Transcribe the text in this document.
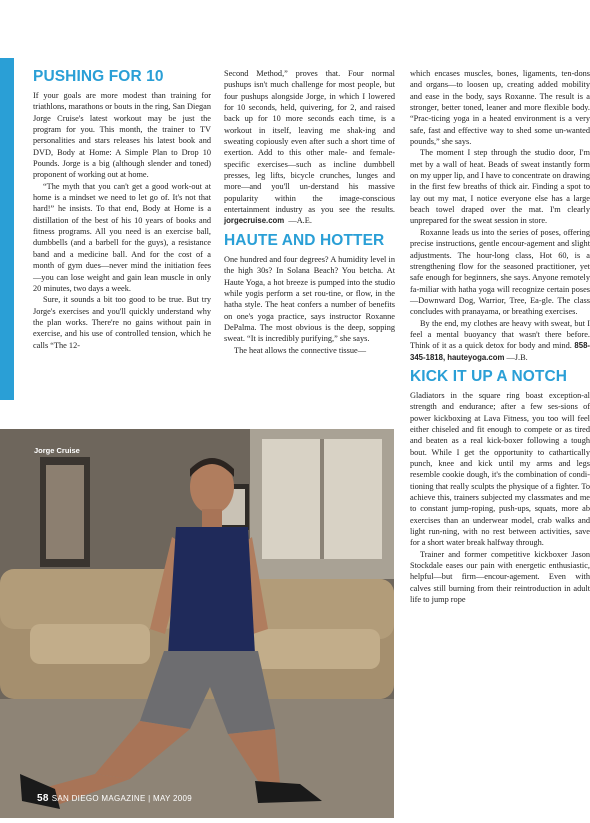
PUSHING FOR 10

If your goals are more modest than training for triathlons, marathons or bouts in the ring, San Diegan Jorge Cruise's latest workout may be just the program for you. This month, the trainer to TV personalities and stars releases his latest book and DVD, Body at Home: A Simple Plan to Drop 10 Pounds. Jorge is a big (although slender and toned) proponent of working out at home.

“The myth that you can't get a good work-out at home is a mindset we need to let go of. It's not that hard!” he insists. To that end, Body at Home is a distillation of the best of his 10 years of books and fitness programs. All you need is an exercise ball, dumbbells (and a barbell for the guys), a resistance band and a medicine ball. And for the cost of a month of gym dues—never mind the initiation fees—you can lose weight and gain lean muscle in only 20 minutes, two days a week.

Sure, it sounds a bit too good to be true. But try Jorge's exercises and you'll quickly understand why the plan works. There're no gains without pain in exercise, and his use of controlled tension, which he calls “The 12-

Second Method,” proves that. Four normal pushups isn't much challenge for most people, but four pushups alongside Jorge, in which I lowered for 10 seconds, held, quivering, for 2, and raised back up for 10 more seconds each time, is a workout in itself, leaving me shak-ing and sweating copiously even after such a short time of exertion. Add to this other male- and female-specific exercises—such as incline dumbbell presses, leg lifts, bicycle crunches, lunges and more—and you'll un-derstand his massive popularity within the image-conscious entertainment industry as you see the results. jorgecruise.com —A.E.

HAUTE AND HOTTER

One hundred and four degrees? A humidity level in the high 30s? In Solana Beach? You betcha. At Haute Yoga, a hot breeze is pumped into the studio while yogis perform a set rou-tine, or flow, in the hatha style. The heat confers a number of benefits on one's yoga practice, says instructor Roxanne DePalma. The most obvious is the deep, sopping sweat. “It is incredibly purifying,” she says.

The heat allows the connective tissue—

which encases muscles, bones, ligaments, ten-dons and organs—to loosen up, creating added mobility and ease in the body, says Roxanne. The result is a stronger, better toned, leaner and more flexible body. “Prac-ticing yoga in a heated environment is a very safe, fast and effective way to shed some un-wanted pounds,” she says.

The moment I step through the studio door, I'm met by a wall of heat. Beads of sweat instantly form on my upper lip, and I have to concentrate on drawing in the first few breaths of thick air. Finding a spot to lay out my mat, I notice everyone else has a large beach towel draped over the mat. I'm clearly unprepared for the sweat session in store.

Roxanne leads us into the series of poses, offering precise instructions, gentle encour-agement and slight adjustments. The hour-long class, Hot 60, is a strengthening flow for the seasoned practitioner, yet safe enough for beginners, she says. Anyone remotely fa-miliar with hatha yoga will recognize certain poses—Downward Dog, Warrior, Tree, Ea-gle. The class concludes with pranayama, or breathing exercises.

By the end, my clothes are heavy with sweat, but I feel a mental buoyancy that wasn't there before. Think of it as a quick detox for body and mind. 858-345-1818, hauteyoga.com —J.B.

KICK IT UP A NOTCH

Gladiators in the square ring boast exception-al strength and endurance; after a few ses-sions of power kickboxing at Lava Fitness, you too will feel either chiseled and fit enough to compete or as tired and beaten as a real kick-boxer following a tough bout. While I get the opportunity to cathartically punch, knee and kick until my arms and legs resemble cookie dough, it's the combination of condi-tioning that really sculpts the physique of a fighter. To achieve this, trainers subjected my classmates and me to constant jump-roping, push-ups, squats, more ab exercises than an underwear model, crab walks and light run-ning, with no rest between activities, save for a short water break halfway through.

Trainer and former competitive kickboxer Jason Stockdale eases our pain with energetic enthusiastic, helpful—but firm—encour-agement. Even with calves still burning from their reintroduction in adult life to jump rope

Jorge Cruise
58 SAN DIEGO MAGAZINE | MAY 2009
